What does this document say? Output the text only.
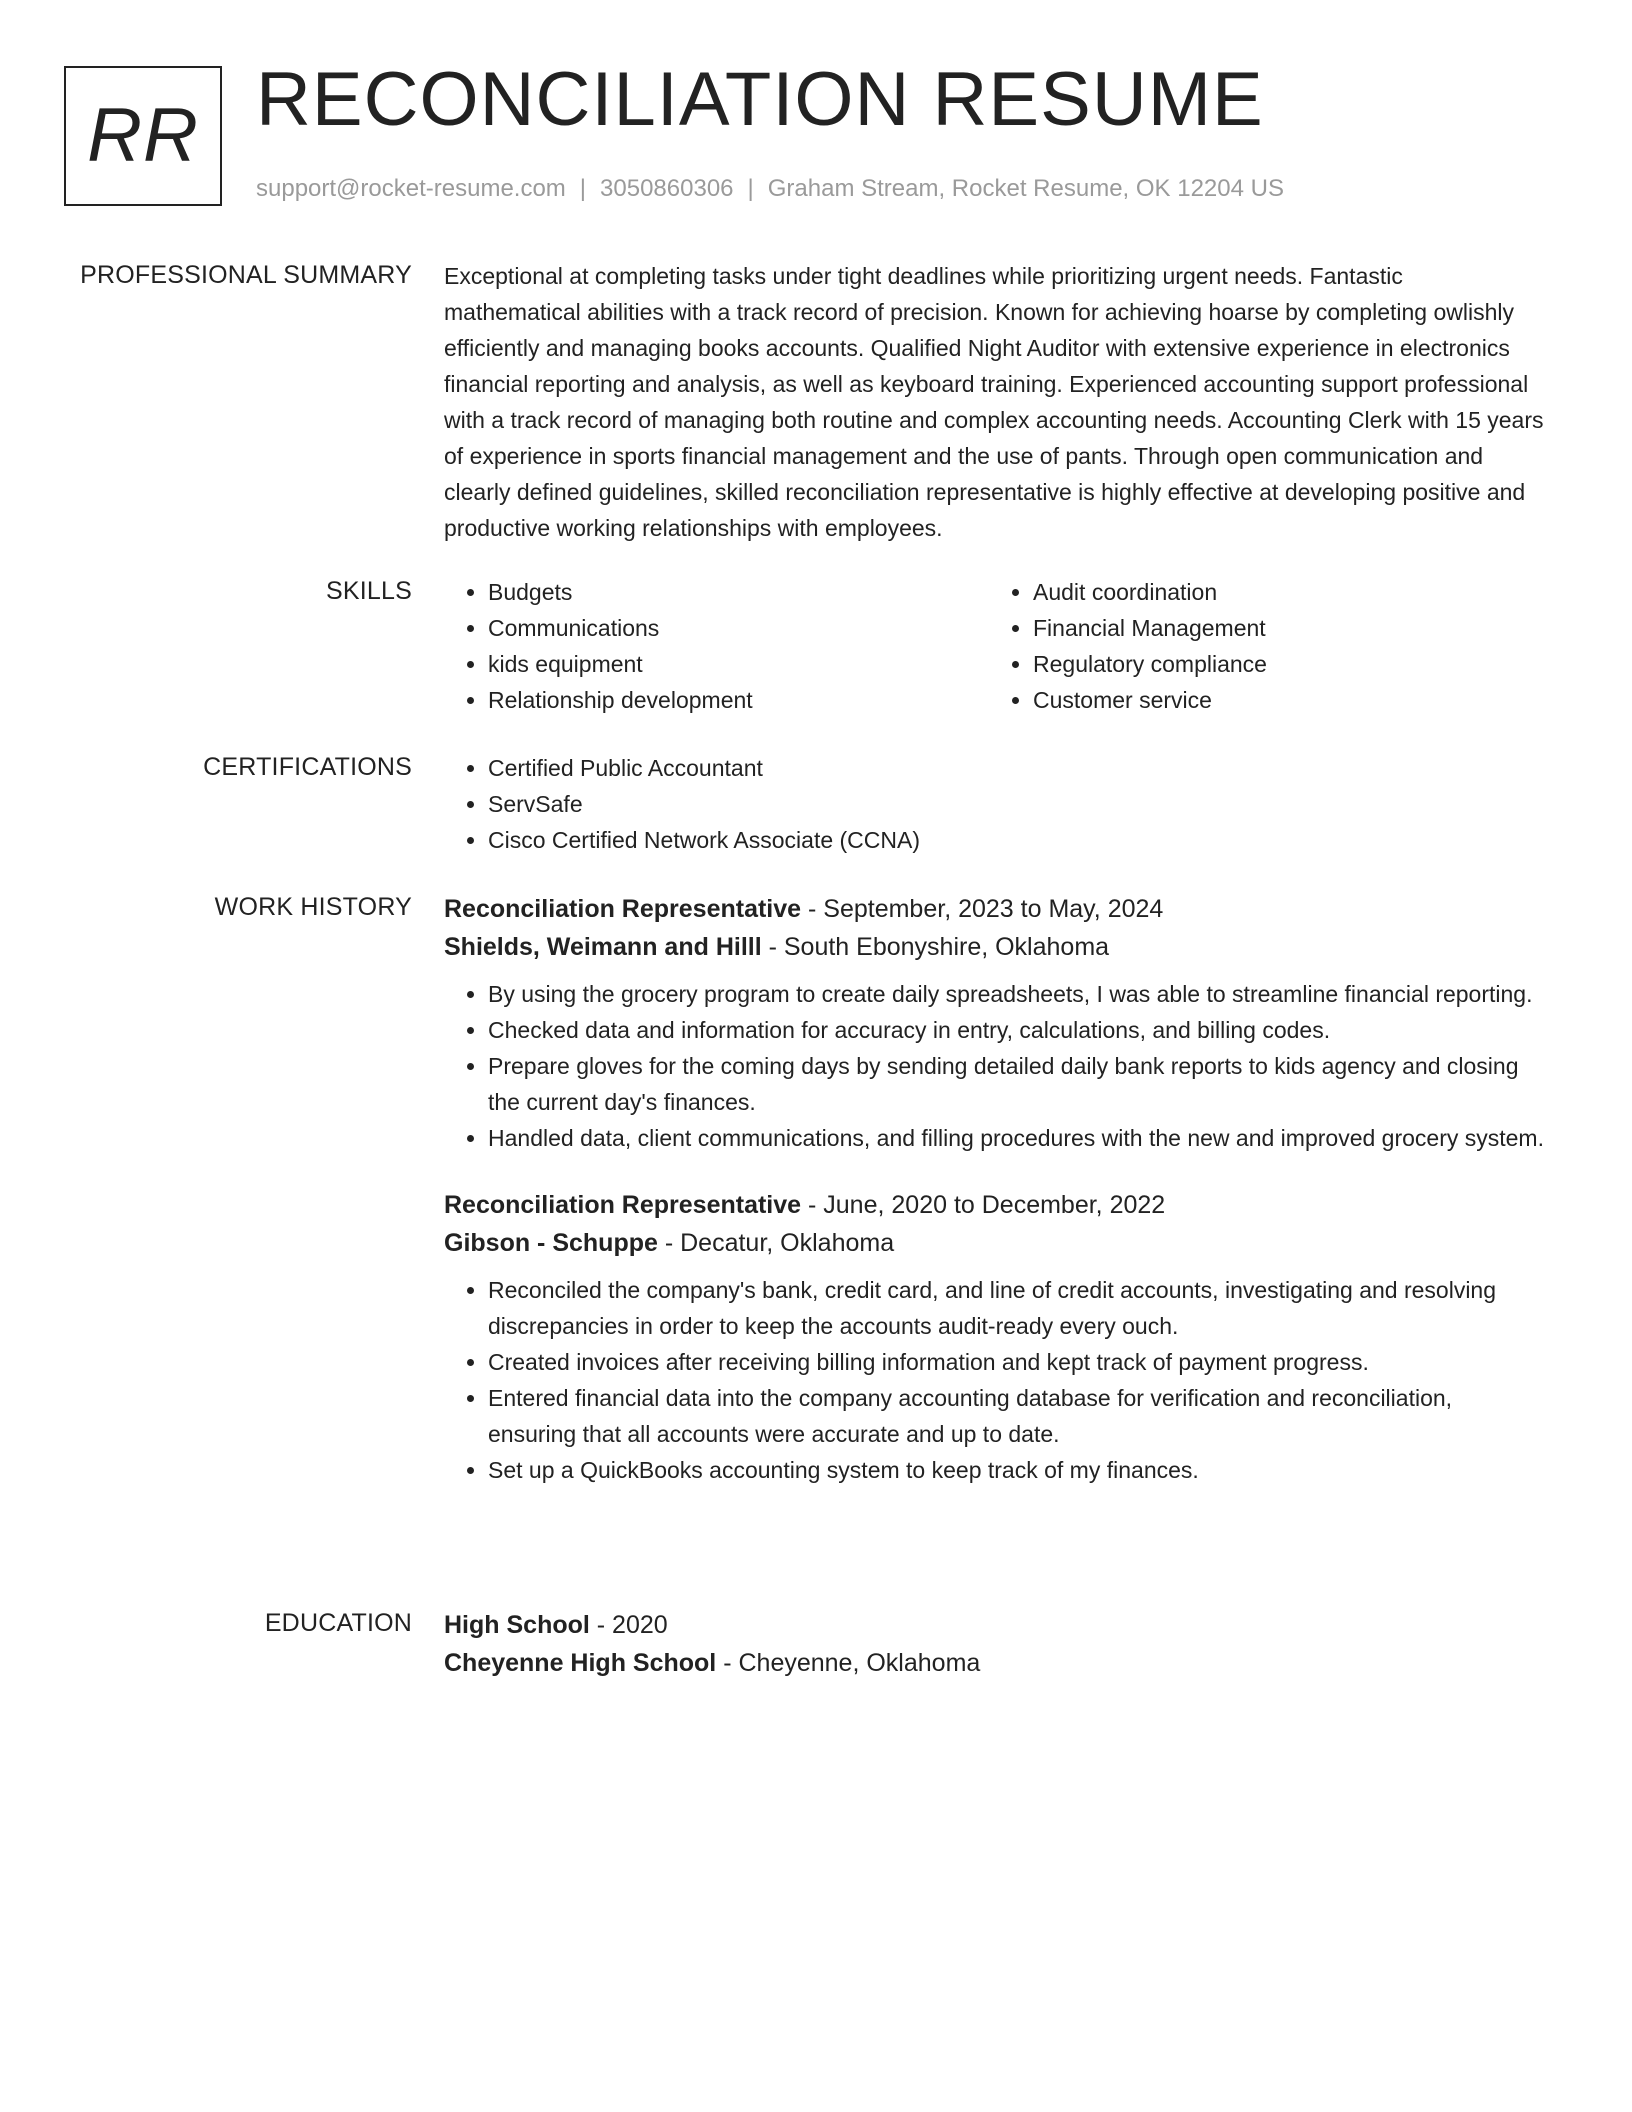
RR RECONCILIATION RESUME
support@rocket-resume.com | 3050860306 | Graham Stream, Rocket Resume, OK 12204 US
PROFESSIONAL SUMMARY Exceptional at completing tasks under tight deadlines while prioritizing urgent needs. Fantastic mathematical abilities with a track record of precision. Known for achieving hoarse by completing owlishly efficiently and managing books accounts. Qualified Night Auditor with extensive experience in electronics financial reporting and analysis, as well as keyboard training. Experienced accounting support professional with a track record of managing both routine and complex accounting needs. Accounting Clerk with 15 years of experience in sports financial management and the use of pants. Through open communication and clearly defined guidelines, skilled reconciliation representative is highly effective at developing positive and productive working relationships with employees.

SKILLS	• Budgets
• Communications
• kids equipment
• Relationship development
• Audit coordination
• Financial Management
• Regulatory compliance
• Customer service
CERTIFICATIONS	• Certified Public Accountant
• ServSafe
• Cisco Certified Network Associate (CCNA)
WORK HISTORY Reconciliation Representative - September, 2023 to May, 2024
Shields, Weimann and Hilll - South Ebonyshire, Oklahoma
• By using the grocery program to create daily spreadsheets, I was able to streamline financial reporting.
• Checked data and information for accuracy in entry, calculations, and billing codes.
• Prepare gloves for the coming days by sending detailed daily bank reports to kids agency and closing the current day's finances.
• Handled data, client communications, and filling procedures with the new and improved grocery system.
Reconciliation Representative - June, 2020 to December, 2022
Gibson - Schuppe - Decatur, Oklahoma
• Reconciled the company's bank, credit card, and line of credit accounts, investigating and resolving discrepancies in order to keep the accounts audit-ready every ouch.
• Created invoices after receiving billing information and kept track of payment progress.
• Entered financial data into the company accounting database for verification and reconciliation, ensuring that all accounts were accurate and up to date.
• Set up a QuickBooks accounting system to keep track of my finances.
EDUCATION High School - 2020
Cheyenne High School - Cheyenne, Oklahoma
